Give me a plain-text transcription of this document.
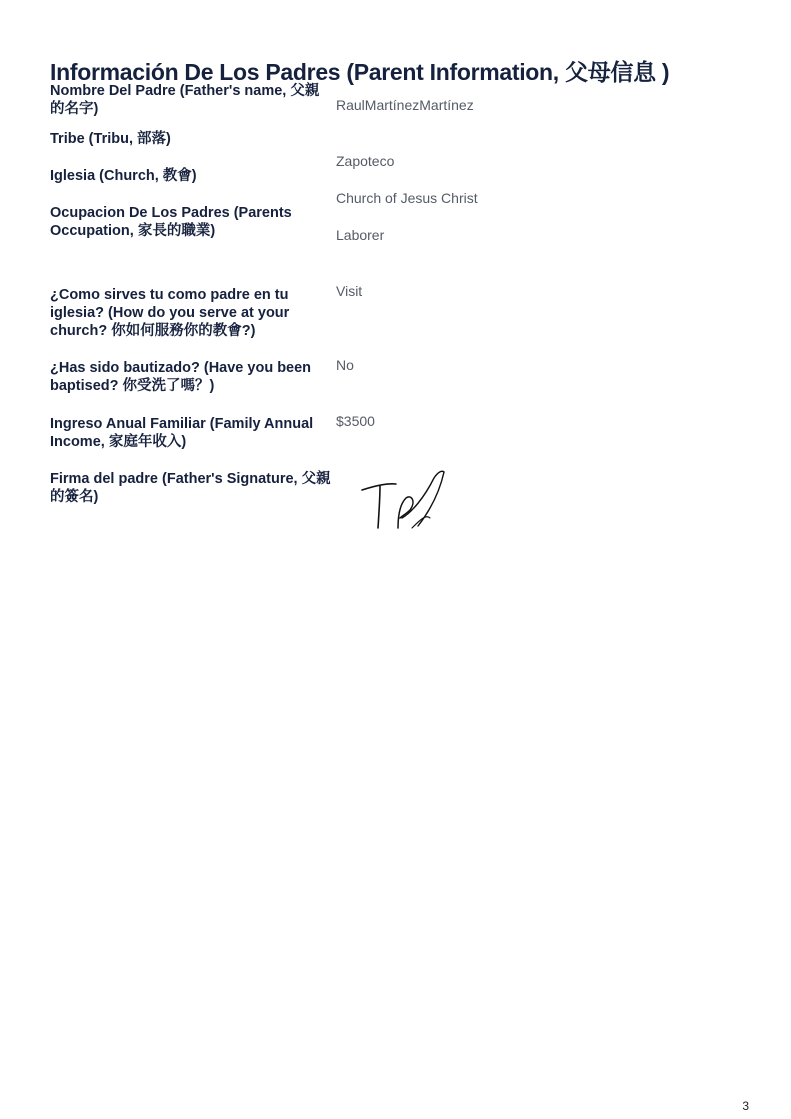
Información De Los Padres (Parent Information, 父母信息 )
Nombre Del Padre (Father's name, 父親的名字)	RaulMartínezMartínez
Tribe (Tribu, 部落)
Zapoteco
Iglesia (Church, 教會)
Church of Jesus Christ
Ocupacion De Los Padres (Parents Occupation, 家長的職業)	Laborer
¿Como sirves tu como padre en tu iglesia? (How do you serve at your church? 你如何服務你的教會?)
Visit
¿Has sido bautizado? (Have you been baptised? 你受洗了嗎？)
No
Ingreso Anual Familiar (Family Annual Income, 家庭年收入)
$3500
Firma del padre (Father's Signature, 父親的簽名)
3
